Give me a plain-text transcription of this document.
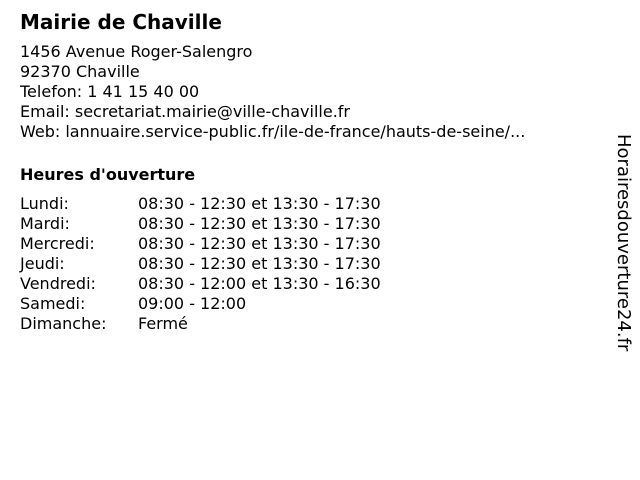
Mairie de Chaville
1456 Avenue Roger-Salengro
92370 Chaville
Telefon: 1 41 15 40 00
Email: secretariat.mairie@ville-chaville.fr
Web: lannuaire.service-public.fr/ile-de-france/hauts-de-seine/...
Heures d'ouverture
Lundi:	08:30 - 12:30 et 13:30 - 17:30
Mardi:	08:30 - 12:30 et 13:30 - 17:30
Mercredi:	08:30 - 12:30 et 13:30 - 17:30
Jeudi:	08:30 - 12:30 et 13:30 - 17:30
Vendredi:	08:30 - 12:00 et 13:30 - 16:30
Samedi:	09:00 - 12:00
Dimanche:	Fermé	Horairesdouverture24.fr
